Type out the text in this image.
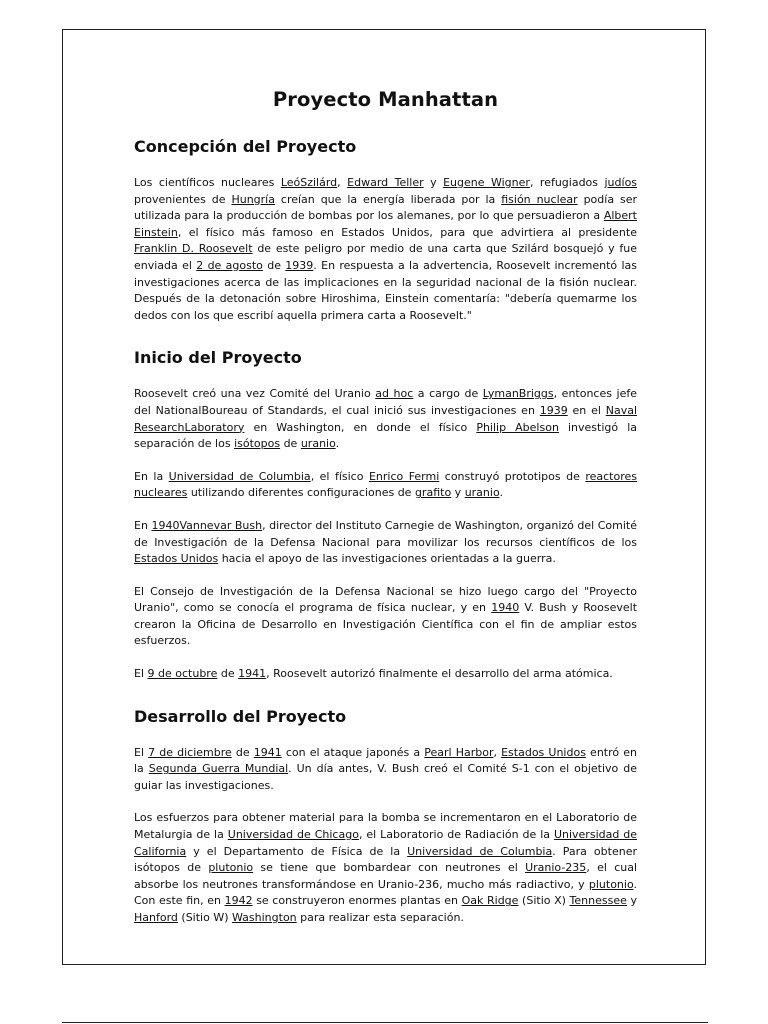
Proyecto Manhattan
Concepción del Proyecto

Los científicos nucleares LeóSzilárd, Edward Teller y Eugene Wigner, refugiados judíos provenientes de Hungría creían que la energía liberada por la fisión nuclear podía ser utilizada para la producción de bombas por los alemanes, por lo que persuadieron a Albert Einstein, el físico más famoso en Estados Unidos, para que advirtiera al presidente Franklin D. Roosevelt de este peligro por medio de una carta que Szilárd bosquejó y fue enviada el 2 de agosto de 1939. En respuesta a la advertencia, Roosevelt incrementó las investigaciones acerca de las implicaciones en la seguridad nacional de la fisión nuclear. Después de la detonación sobre Hiroshima, Einstein comentaría: "debería quemarme los dedos con los que escribí aquella primera carta a Roosevelt."

Inicio del Proyecto

Roosevelt creó una vez Comité del Uranio ad hoc a cargo de LymanBriggs, entonces jefe del NationalBoureau of Standards, el cual inició sus investigaciones en 1939 en el Naval ResearchLaboratory en Washington, en donde el físico Philip Abelson investigó la separación de los isótopos de uranio.

En la Universidad de Columbia, el físico Enrico Fermi construyó prototipos de reactores nucleares utilizando diferentes configuraciones de grafito y uranio.

En 1940Vannevar Bush, director del Instituto Carnegie de Washington, organizó del Comité de Investigación de la Defensa Nacional para movilizar los recursos científicos de los Estados Unidos hacia el apoyo de las investigaciones orientadas a la guerra.

El Consejo de Investigación de la Defensa Nacional se hizo luego cargo del "Proyecto Uranio", como se conocía el programa de física nuclear, y en 1940 V. Bush y Roosevelt crearon la Oficina de Desarrollo en Investigación Científica con el fin de ampliar estos esfuerzos.

El 9 de octubre de 1941, Roosevelt autorizó finalmente el desarrollo del arma atómica.

Desarrollo del Proyecto

El 7 de diciembre de 1941 con el ataque japonés a Pearl Harbor, Estados Unidos entró en la Segunda Guerra Mundial. Un día antes, V. Bush creó el Comité S-1 con el objetivo de guiar las investigaciones.

Los esfuerzos para obtener material para la bomba se incrementaron en el Laboratorio de Metalurgia de la Universidad de Chicago, el Laboratorio de Radiación de la Universidad de California y el Departamento de Física de la Universidad de Columbia. Para obtener isótopos de plutonio se tiene que bombardear con neutrones el Uranio-235, el cual absorbe los neutrones transformándose en Uranio-236, mucho más radiactivo, y plutonio. Con este fin, en 1942 se construyeron enormes plantas en Oak Ridge (Sitio X) Tennessee y Hanford (Sitio W) Washington para realizar esta separación.
